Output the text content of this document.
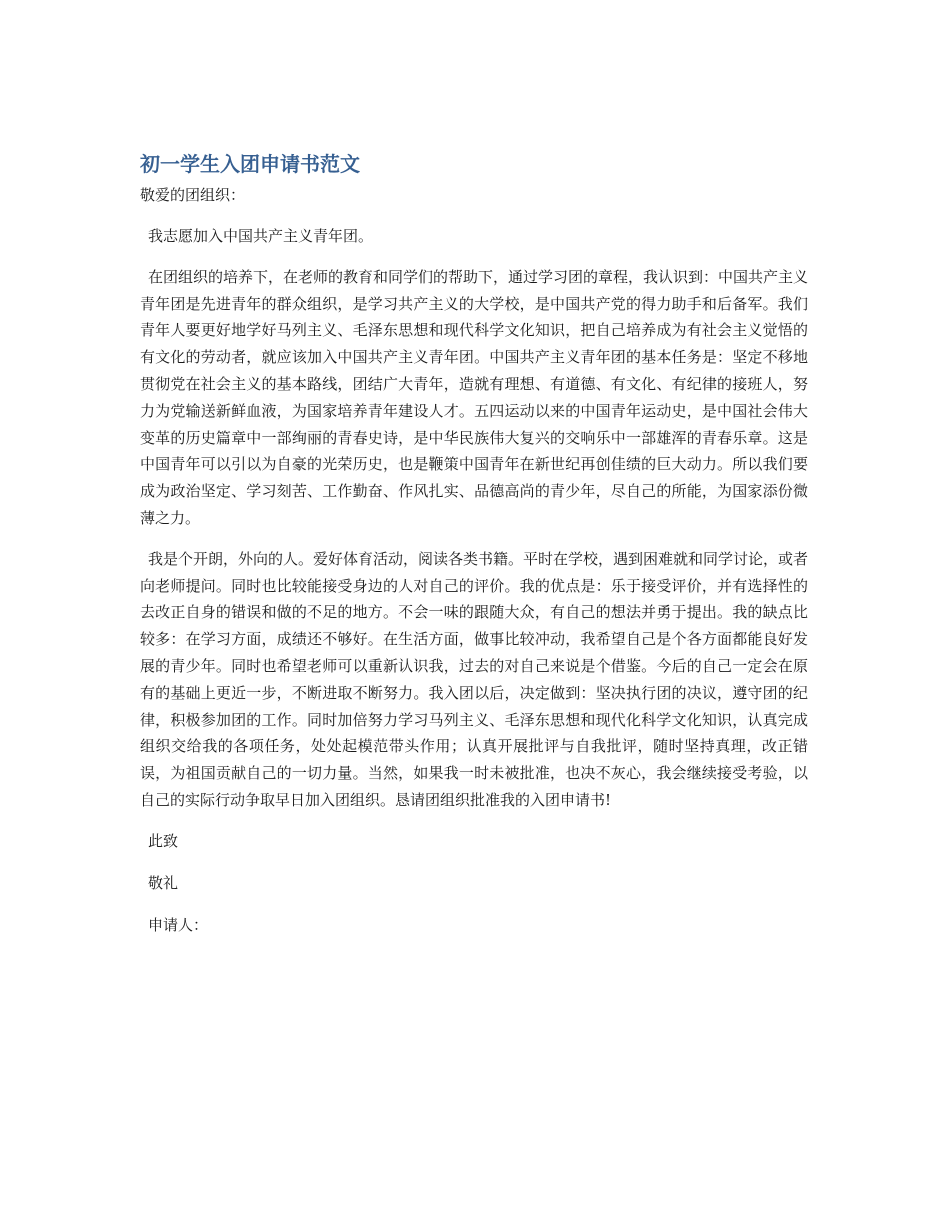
初一学生入团申请书范文
敬爱的团组织：

我志愿加入中国共产主义青年团。

在团组织的培养下，在老师的教育和同学们的帮助下，通过学习团的章程，我认识到：中国共产主义青年团是先进青年的群众组织，是学习共产主义的大学校，是中国共产党的得力助手和后备军。我们青年人要更好地学好马列主义、毛泽东思想和现代科学文化知识，把自己培养成为有社会主义觉悟的有文化的劳动者，就应该加入中国共产主义青年团。中国共产主义青年团的基本任务是：坚定不移地贯彻党在社会主义的基本路线，团结广大青年，造就有理想、有道德、有文化、有纪律的接班人，努力为党输送新鲜血液，为国家培养青年建设人才。五四运动以来的中国青年运动史，是中国社会伟大变革的历史篇章中一部绚丽的青春史诗，是中华民族伟大复兴的交响乐中一部雄浑的青春乐章。这是中国青年可以引以为自豪的光荣历史，也是鞭策中国青年在新世纪再创佳绩的巨大动力。所以我们要成为政治坚定、学习刻苦、工作勤奋、作风扎实、品德高尚的青少年，尽自己的所能，为国家添份微薄之力。

我是个开朗，外向的人。爱好体育活动，阅读各类书籍。平时在学校，遇到困难就和同学讨论，或者向老师提问。同时也比较能接受身边的人对自己的评价。我的优点是：乐于接受评价，并有选择性的去改正自身的错误和做的不足的地方。不会一味的跟随大众，有自己的想法并勇于提出。我的缺点比较多：在学习方面，成绩还不够好。在生活方面，做事比较冲动，我希望自己是个各方面都能良好发展的青少年。同时也希望老师可以重新认识我，过去的对自己来说是个借鉴。今后的自己一定会在原有的基础上更近一步，不断进取不断努力。我入团以后，决定做到：坚决执行团的决议，遵守团的纪律，积极参加团的工作。同时加倍努力学习马列主义、毛泽东思想和现代化科学文化知识，认真完成组织交给我的各项任务，处处起模范带头作用；认真开展批评与自我批评，随时坚持真理，改正错误，为祖国贡献自己的一切力量。当然，如果我一时未被批准，也决不灰心，我会继续接受考验，以自己的实际行动争取早日加入团组织。恳请团组织批准我的入团申请书!

此致
敬礼
申请人：
